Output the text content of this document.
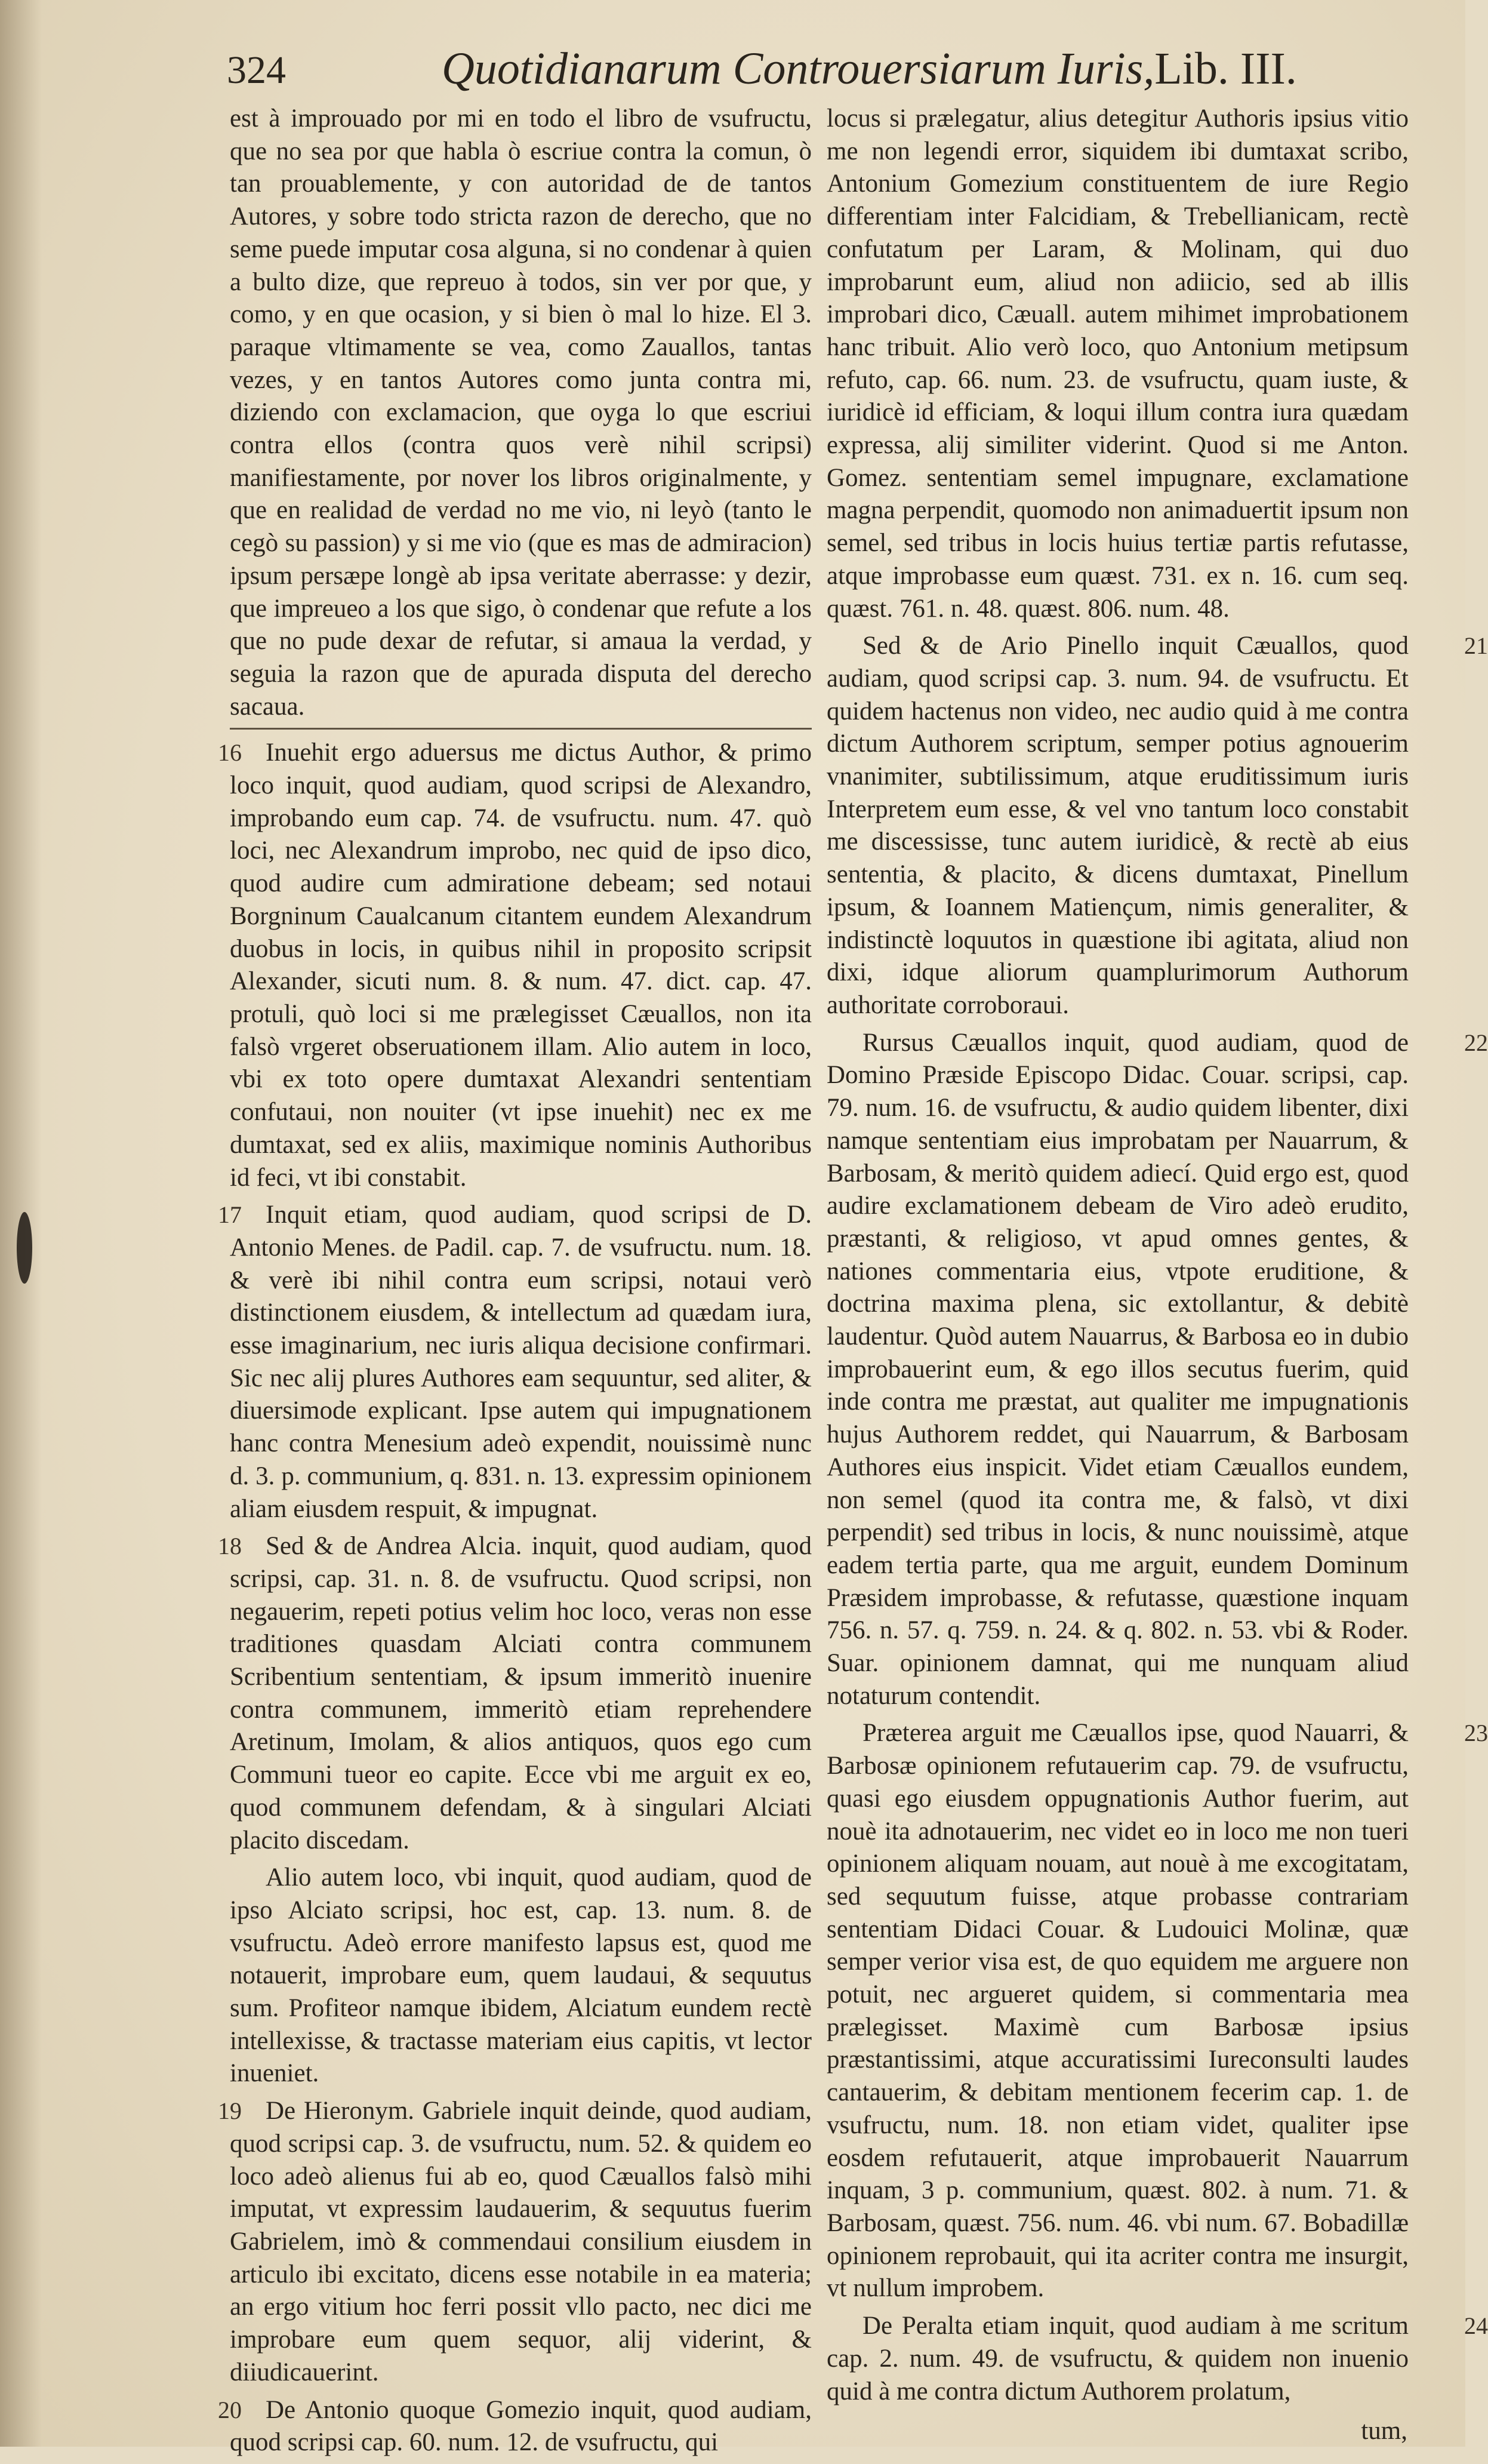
324	Quotidianarum Controuersiarum Iuris,Lib. III.

est à improuado por mi en todo el libro de vsufructu, que no sea por que habla ò escriue contra la comun, ò tan prouablemente, y con autoridad de de tantos Autores, y sobre todo stricta razon de derecho, que no seme puede imputar cosa alguna, si no condenar à quien a bulto dize, que repreuo à todos, sin ver por que, y como, y en que ocasion, y si bien ò mal lo hize. El 3. paraque vltimamente se vea, como Zauallos, tantas vezes, y en tantos Autores como junta contra mi, diziendo con exclamacion, que oyga lo que escriui contra ellos (contra quos verè nihil scripsi) manifiestamente, por nover los libros originalmente, y que en realidad de verdad no me vio, ni leyò (tanto le cegò su passion) y si me vio (que es mas de admiracion) ipsum persæpe longè ab ipsa veritate aberrasse: y dezir, que impreueo a los que sigo, ò condenar que refute a los que no pude dexar de refutar, si amaua la verdad, y seguia la razon que de apurada disputa del derecho sacaua.

16 Inuehit ergo aduersus me dictus Author, & primo loco inquit, quod audiam, quod scripsi de Alexandro, improbando eum cap. 74. de vsufructu. num. 47. quò loci, nec Alexandrum improbo, nec quid de ipso dico, quod audire cum admiratione debeam; sed notaui Borgninum Caualcanum citantem eundem Alexandrum duobus in locis, in quibus nihil in proposito scripsit Alexander, sicuti num. 8. & num. 47. dict. cap. 47. protuli, quò loci si me prælegisset Cæuallos, non ita falsò vrgeret obseruationem illam. Alio autem in loco, vbi ex toto opere dumtaxat Alexandri sententiam confutaui, non nouiter (vt ipse inuehit) nec ex me dumtaxat, sed ex aliis, maximique nominis Authoribus id feci, vt ibi constabit.

17 Inquit etiam, quod audiam, quod scripsi de D. Antonio Menes. de Padil. cap. 7. de vsufructu. num. 18. & verè ibi nihil contra eum scripsi, notaui verò distinctionem eiusdem, & intellectum ad quædam iura, esse imaginarium, nec iuris aliqua decisione confirmari. Sic nec alij plures Authores eam sequuntur, sed aliter, & diuersimode explicant. Ipse autem qui impugnationem hanc contra Menesium adeò expendit, nouissimè nunc d. 3. p. communium, q. 831. n. 13. expressim opinionem aliam eiusdem respuit, & impugnat.

18 Sed & de Andrea Alcia. inquit, quod audiam, quod scripsi, cap. 31. n. 8. de vsufructu. Quod scripsi, non negauerim, repeti potius velim hoc loco, veras non esse traditiones quasdam Alciati contra communem Scribentium sententiam, & ipsum immeritò inuenire contra communem, immeritò etiam reprehendere Aretinum, Imolam, & alios antiquos, quos ego cum Communi tueor eo capite. Ecce vbi me arguit ex eo, quod communem defendam, & à singulari Alciati placito discedam.

Alio autem loco, vbi inquit, quod audiam, quod de ipso Alciato scripsi, hoc est, cap. 13. num. 8. de vsufructu. Adeò errore manifesto lapsus est, quod me notauerit, improbare eum, quem laudaui, & sequutus sum. Profiteor namque ibidem, Alciatum eundem rectè intellexisse, & tractasse materiam eius capitis, vt lector inueniet.

19 De Hieronym. Gabriele inquit deinde, quod audiam, quod scripsi cap. 3. de vsufructu, num. 52. & quidem eo loco adeò alienus fui ab eo, quod Cæuallos falsò mihi imputat, vt expressim laudauerim, & sequutus fuerim Gabrielem, imò & commendaui consilium eiusdem in articulo ibi excitato, dicens esse notabile in ea materia; an ergo vitium hoc ferri possit vllo pacto, nec dici me improbare eum quem sequor, alij viderint, & diiudicauerint.

20 De Antonio quoque Gomezio inquit, quod audiam, quod scripsi cap. 60. num. 12. de vsufructu, qui

locus si prælegatur, alius detegitur Authoris ipsius vitio me non legendi error, siquidem ibi dumtaxat scribo, Antonium Gomezium constituentem de iure Regio differentiam inter Falcidiam, & Trebellianicam, rectè confutatum per Laram, & Molinam, qui duo improbarunt eum, aliud non adiicio, sed ab illis improbari dico, Cæuall. autem mihimet improbationem hanc tribuit. Alio verò loco, quo Antonium metipsum refuto, cap. 66. num. 23. de vsufructu, quam iuste, & iuridicè id efficiam, & loqui illum contra iura quædam expressa, alij similiter viderint. Quod si me Anton. Gomez. sententiam semel impugnare, exclamatione magna perpendit, quomodo non animaduertit ipsum non semel, sed tribus in locis huius tertiæ partis refutasse, atque improbasse eum quæst. 731. ex n. 16. cum seq. quæst. 761. n. 48. quæst. 806. num. 48.

21
Sed & de Ario Pinello inquit Cæuallos, quod audiam, quod scripsi cap. 3. num. 94. de vsufructu. Et quidem hactenus non video, nec audio quid à me contra dictum Authorem scriptum, semper potius agnouerim vnanimiter, subtilissimum, atque eruditissimum iuris Interpretem eum esse, & vel vno tantum loco constabit me discessisse, tunc autem iuridicè, & rectè ab eius sententia, & placito, & dicens dumtaxat, Pinellum ipsum, & Ioannem Matiençum, nimis generaliter, & indistinctè loquutos in quæstione ibi agitata, aliud non dixi, idque aliorum quamplurimorum Authorum authoritate corroboraui.

22
Rursus Cæuallos inquit, quod audiam, quod de Domino Præside Episcopo Didac. Couar. scripsi, cap. 79. num. 16. de vsufructu, & audio quidem libenter, dixi namque sententiam eius improbatam per Nauarrum, & Barbosam, & meritò quidem adiecí. Quid ergo est, quod audire exclamationem debeam de Viro adeò erudito, præstanti, & religioso, vt apud omnes gentes, & nationes commentaria eius, vtpote eruditione, & doctrina maxima plena, sic extollantur, & debitè laudentur. Quòd autem Nauarrus, & Barbosa eo in dubio improbauerint eum, & ego illos secutus fuerim, quid inde contra me præstat, aut qualiter me impugnationis hujus Authorem reddet, qui Nauarrum, & Barbosam Authores eius inspicit. Videt etiam Cæuallos eundem, non semel (quod ita contra me, & falsò, vt dixi perpendit) sed tribus in locis, & nunc nouissimè, atque eadem tertia parte, qua me arguit, eundem Dominum Præsidem improbasse, & refutasse, quæstione inquam 756. n. 57. q. 759. n. 24. & q. 802. n. 53. vbi & Roder. Suar. opinionem damnat, qui me nunquam aliud notaturum contendit.

23
Præterea arguit me Cæuallos ipse, quod Nauarri, & Barbosæ opinionem refutauerim cap. 79. de vsufructu, quasi ego eiusdem oppugnationis Author fuerim, aut nouè ita adnotauerim, nec videt eo in loco me non tueri opinionem aliquam nouam, aut nouè à me excogitatam, sed sequutum fuisse, atque probasse contrariam sententiam Didaci Couar. & Ludouici Molinæ, quæ semper verior visa est, de quo equidem me arguere non potuit, nec argueret quidem, si commentaria mea prælegisset. Maximè cum Barbosæ ipsius præstantissimi, atque accuratissimi Iureconsulti laudes cantauerim, & debitam mentionem fecerim cap. 1. de vsufructu, num. 18. non etiam videt, qualiter ipse eosdem refutauerit, atque improbauerit Nauarrum inquam, 3 p. communium, quæst. 802. à num. 71. & Barbosam, quæst. 756. num. 46. vbi num. 67. Bobadillæ opinionem reprobauit, qui ita acriter contra me insurgit, vt nullum improbem.

24
De Peralta etiam inquit, quod audiam à me scritum cap. 2. num. 49. de vsufructu, & quidem non inuenio quid à me contra dictum Authorem prolatum,

tum,
